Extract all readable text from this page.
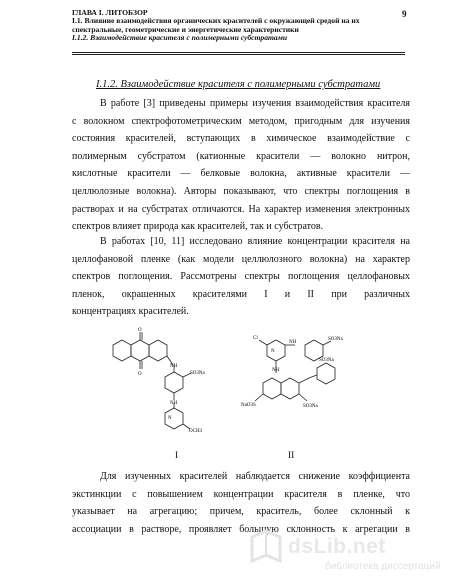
ГЛАВА I. ЛИТОБЗОР
I.1. Влияние взаимодействия органических красителей с окружающей средой на их
спектральные, геометрические и энергетические характеристики
I.1.2. Взаимодействие красителя с полимерными субстратами
9
I.1.2. Взаимодействие красителя с полимерными субстратами
В работе [3] приведены примеры изучения взаимодействия красителя
с волокном спектрофотометрическим методом, пригодным для изучения
состояния красителей, вступающих в химическое взаимодействие с
полимерным субстратом (катионные красители — волокно нитрон,
кислотные красители — белковые волокна, активные красители —
целлюлозные волокна). Авторы показывают, что спектры поглощения в
растворах и на субстратах отличаются. На характер изменения электронных
спектров влияет природа как красителей, так и субстратов.
В работах [10, 11] исследовано влияние концентрации красителя на
целлофановой пленке (как модели целлюлозного волокна) на характер
спектров поглощения. Рассмотрены спектры поглощения целлофановых
пленок, окрашенных красителями I и II при различных
концентрациях красителей.
O
O
NH
SO3Na
NH
N
OCH3
Cl
NH
SO3Na
N
NH
NaO3S	SO3Na
SO3Na
I	II
Для изученных красителей наблюдается снижение коэффициента
экстинкции с повышением концентрации красителя в пленке, что
указывает на агрегацию; причем, краситель, более склонный к
ассоциации в растворе, проявляет большую склонность к агрегации в
dsLib.net
библиотека диссертаций
